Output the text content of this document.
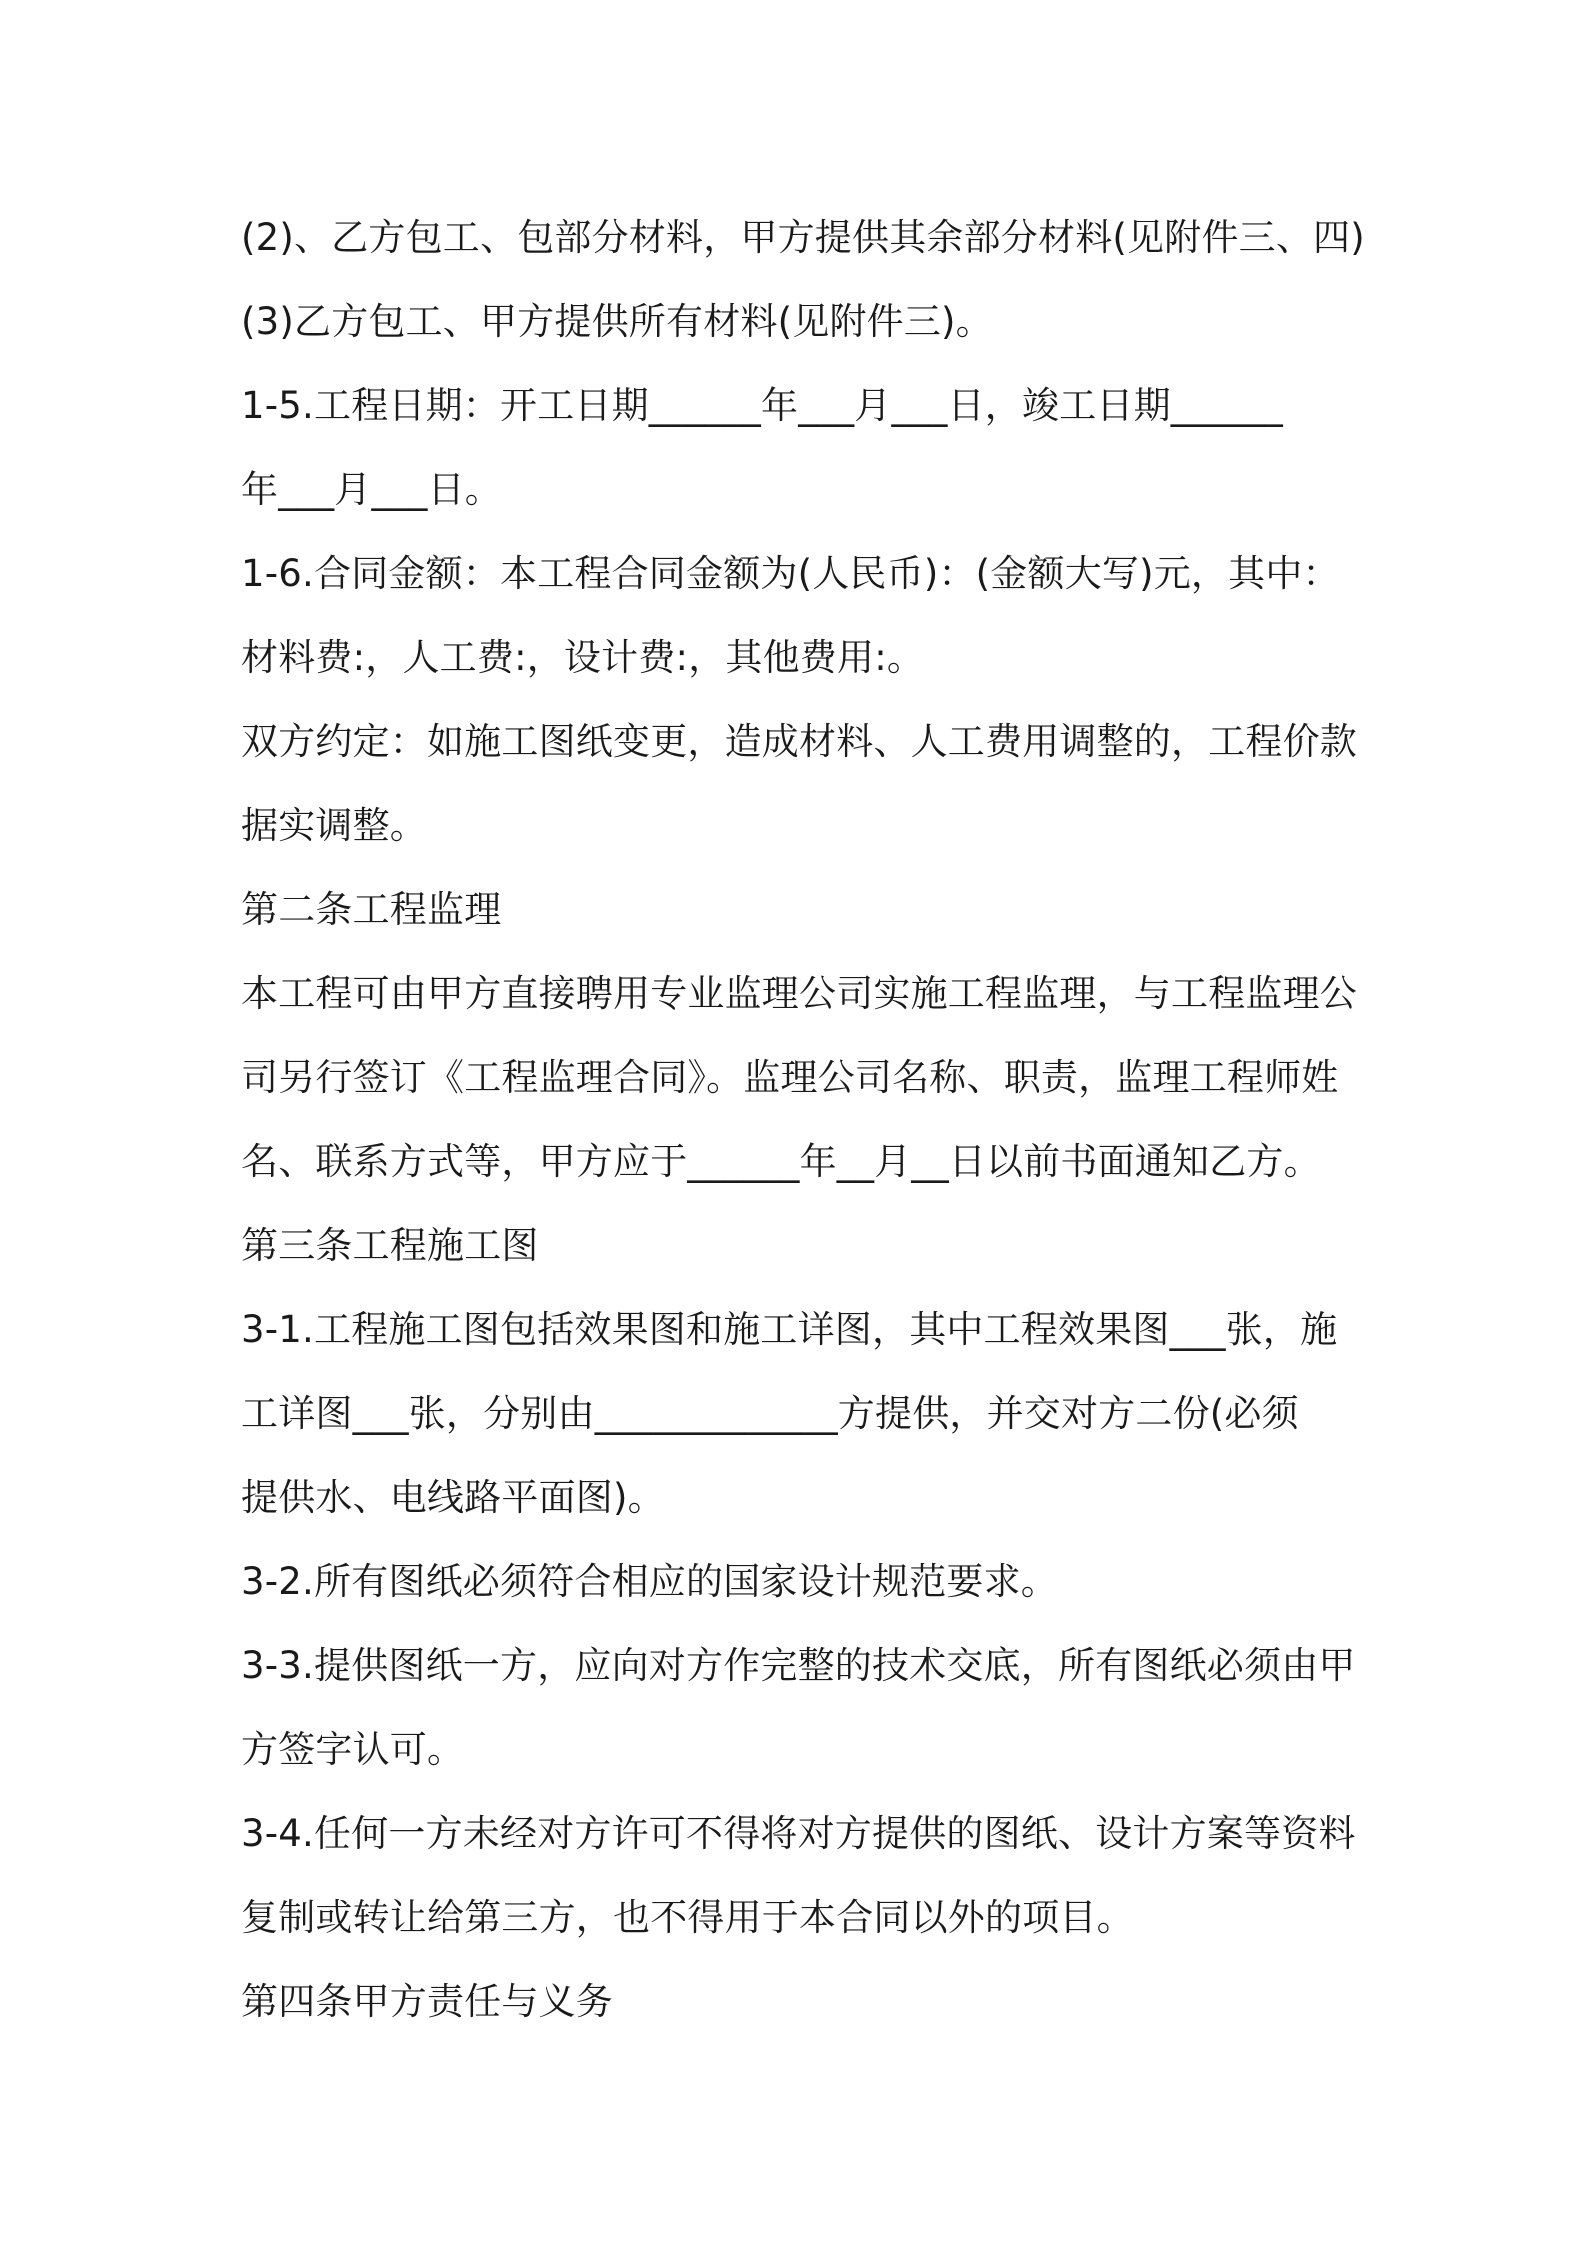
(2)、乙方包工、包部分材料，甲方提供其余部分材料(见附件三、四)
(3)乙方包工、甲方提供所有材料(见附件三)。
1-5.工程日期：开工日期______年___月___日，竣工日期______
年___月___日。
1-6.合同金额：本工程合同金额为(人民币)：(金额大写)元，其中：
材料费:，人工费:，设计费:，其他费用:。
双方约定：如施工图纸变更，造成材料、人工费用调整的，工程价款
据实调整。
第二条工程监理
本工程可由甲方直接聘用专业监理公司实施工程监理，与工程监理公
司另行签订《工程监理合同》。监理公司名称、职责，监理工程师姓
名、联系方式等，甲方应于______年__月__日以前书面通知乙方。
第三条工程施工图
3-1.工程施工图包括效果图和施工详图，其中工程效果图___张，施
工详图___张，分别由_____________方提供，并交对方二份(必须
提供水、电线路平面图)。
3-2.所有图纸必须符合相应的国家设计规范要求。
3-3.提供图纸一方，应向对方作完整的技术交底，所有图纸必须由甲
方签字认可。
3-4.任何一方未经对方许可不得将对方提供的图纸、设计方案等资料
复制或转让给第三方，也不得用于本合同以外的项目。
第四条甲方责任与义务
